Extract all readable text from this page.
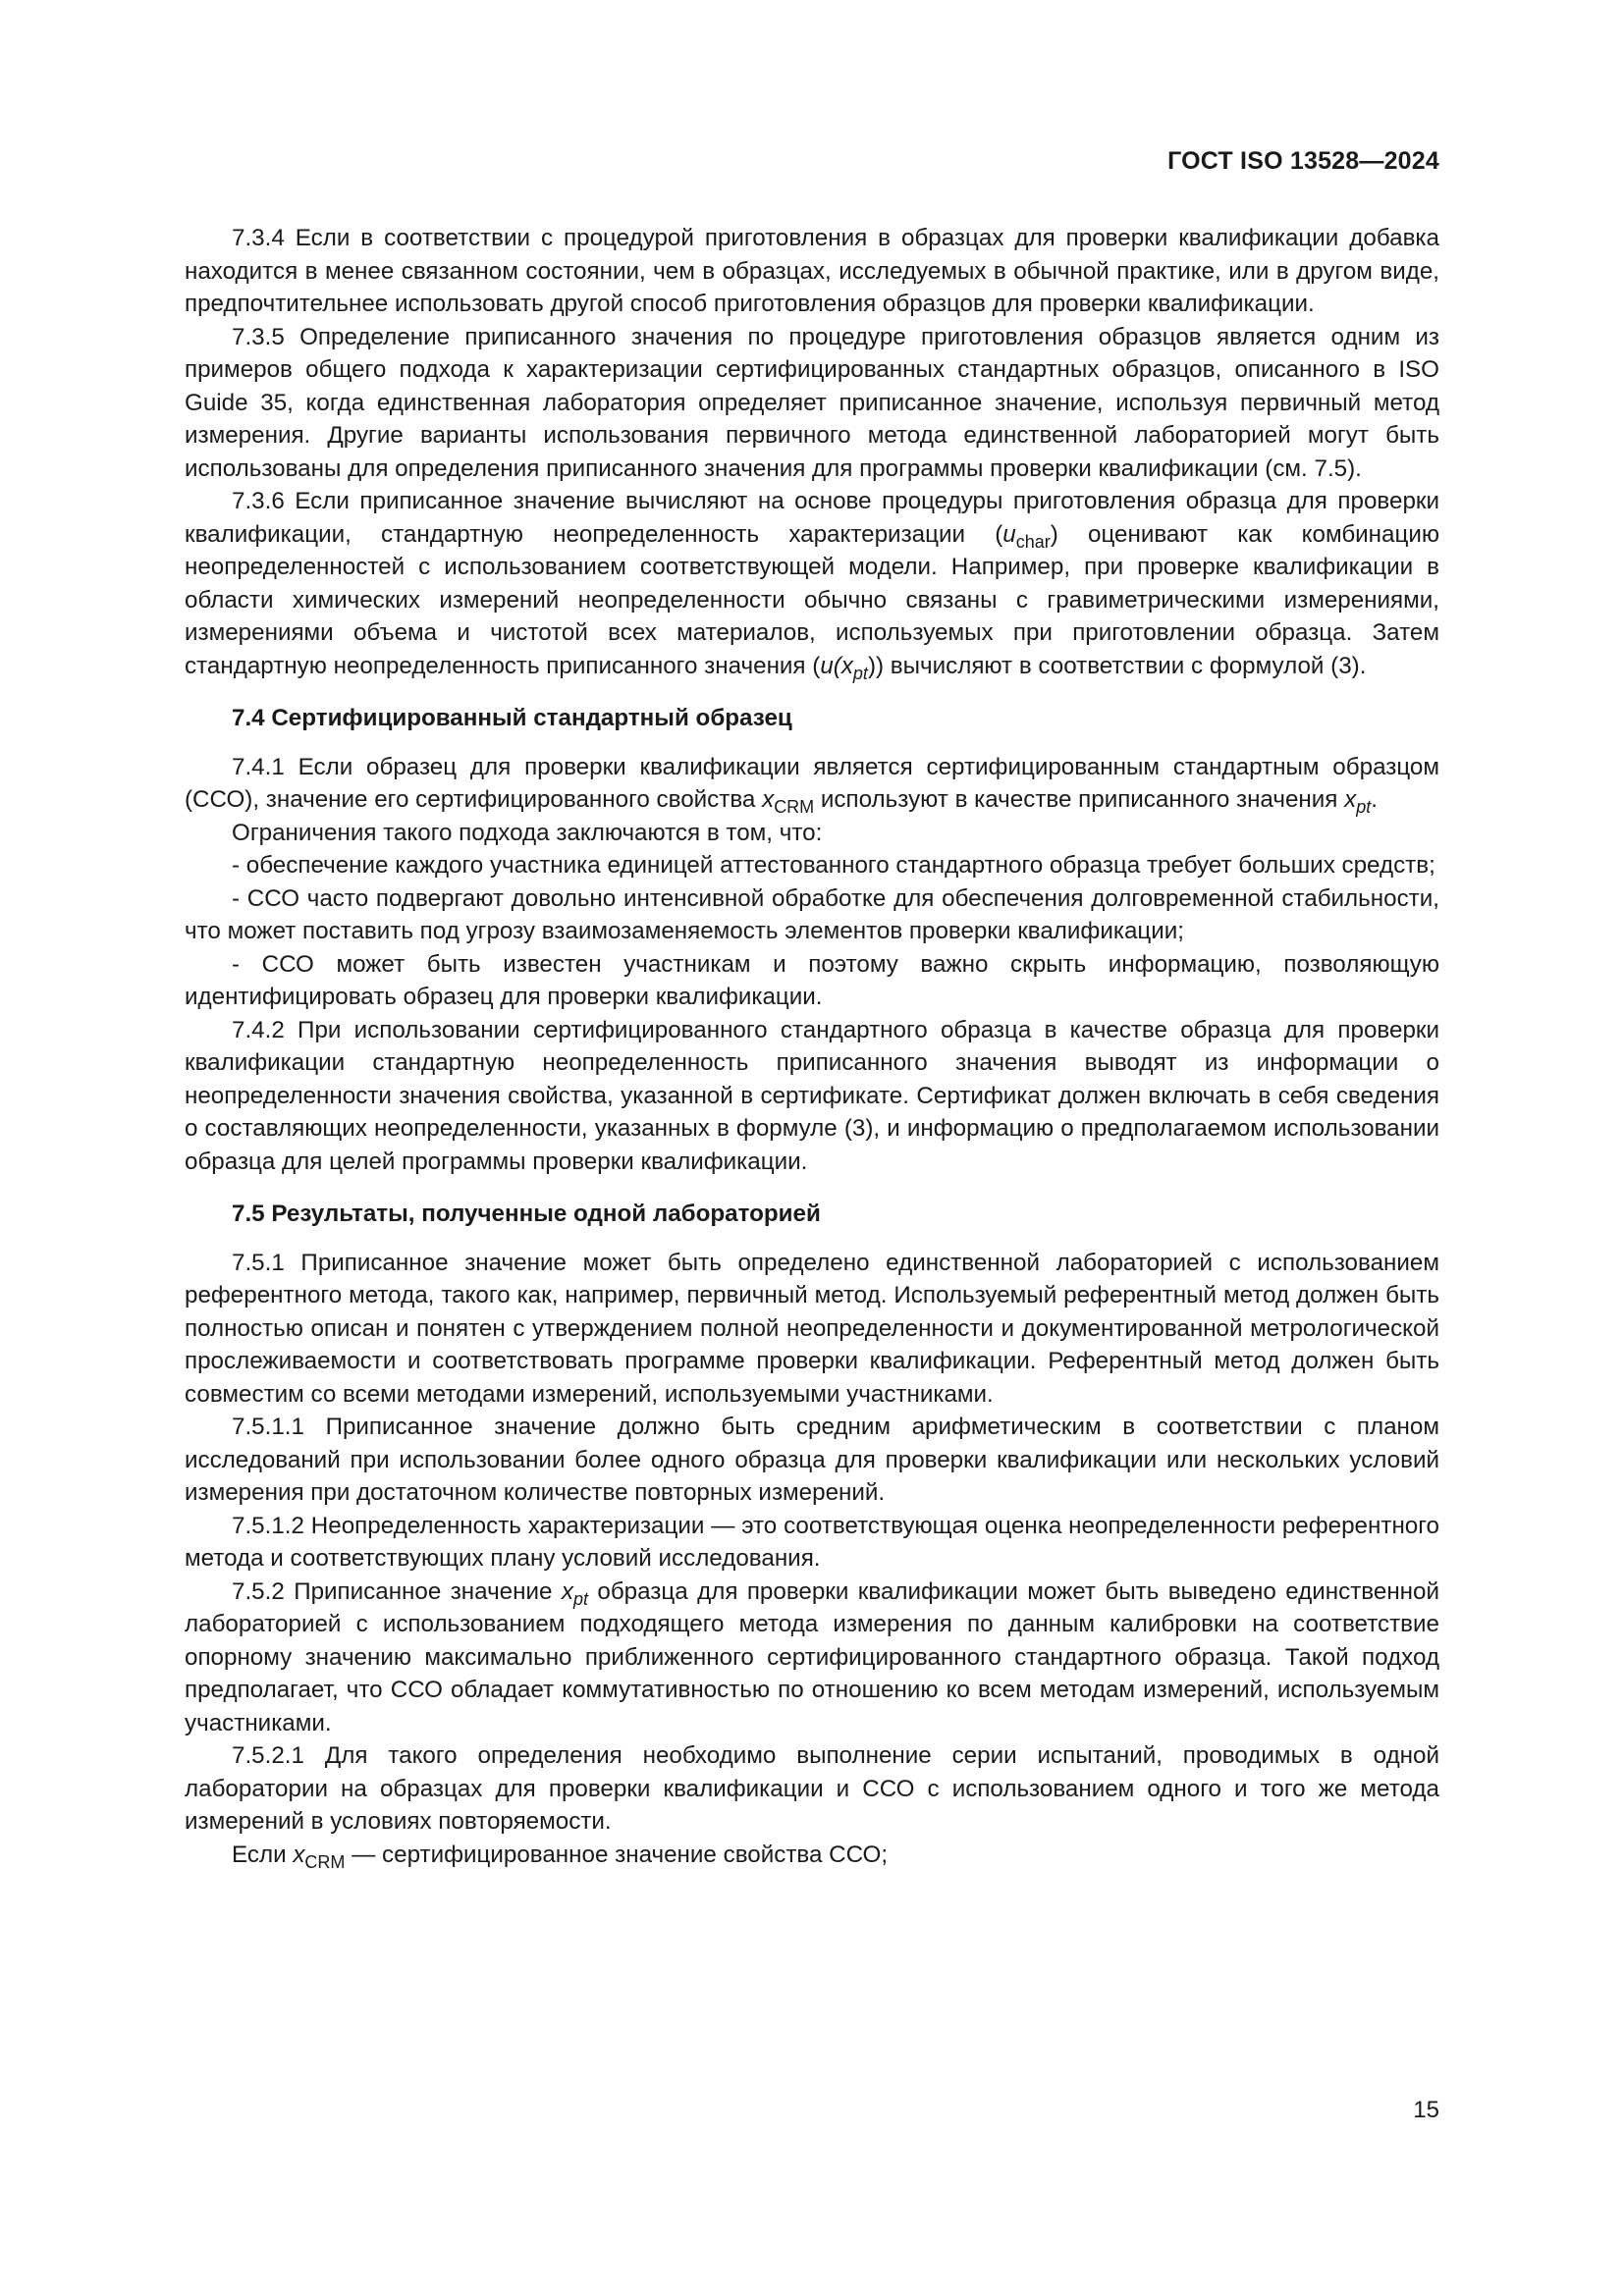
ГОСТ ISO 13528—2024

7.3.4 Если в соответствии с процедурой приготовления в образцах для проверки квалификации добавка находится в менее связанном состоянии, чем в образцах, исследуемых в обычной практике, или в другом виде, предпочтительнее использовать другой способ приготовления образцов для проверки квалификации.

7.3.5 Определение приписанного значения по процедуре приготовления образцов является одним из примеров общего подхода к характеризации сертифицированных стандартных образцов, описанного в ISO Guide 35, когда единственная лаборатория определяет приписанное значение, используя первичный метод измерения. Другие варианты использования первичного метода единственной лабораторией могут быть использованы для определения приписанного значения для программы проверки квалификации (см. 7.5).

7.3.6 Если приписанное значение вычисляют на основе процедуры приготовления образца для проверки квалификации, стандартную неопределенность характеризации $(u_{char})$ оценивают как комбинацию неопределенностей с использованием соответствующей модели. Например, при проверке квалификации в области химических измерений неопределенности обычно связаны с гравиметрическими измерениями, измерениями объема и чистотой всех материалов, используемых при приготовлении образца. Затем стандартную неопределенность приписанного значения $(u(x_{pt}))$ вычисляют в соответствии с формулой (3).

7.4 Сертифицированный стандартный образец

7.4.1 Если образец для проверки квалификации является сертифицированным стандартным образцом (ССО), значение его сертифицированного свойства $x_{CRM}$ используют в качестве приписанного значения $x_{pt}$.

Ограничения такого подхода заключаются в том, что:

- обеспечение каждого участника единицей аттестованного стандартного образца требует больших средств;

- ССО часто подвергают довольно интенсивной обработке для обеспечения долговременной стабильности, что может поставить под угрозу взаимозаменяемость элементов проверки квалификации;

- ССО может быть известен участникам и поэтому важно скрыть информацию, позволяющую идентифицировать образец для проверки квалификации.

7.4.2 При использовании сертифицированного стандартного образца в качестве образца для проверки квалификации стандартную неопределенность приписанного значения выводят из информации о неопределенности значения свойства, указанной в сертификате. Сертификат должен включать в себя сведения о составляющих неопределенности, указанных в формуле (3), и информацию о предполагаемом использовании образца для целей программы проверки квалификации.

7.5 Результаты, полученные одной лабораторией

7.5.1 Приписанное значение может быть определено единственной лабораторией с использованием референтного метода, такого как, например, первичный метод. Используемый референтный метод должен быть полностью описан и понятен с утверждением полной неопределенности и документированной метрологической прослеживаемости и соответствовать программе проверки квалификации. Референтный метод должен быть совместим со всеми методами измерений, используемыми участниками.

7.5.1.1 Приписанное значение должно быть средним арифметическим в соответствии с планом исследований при использовании более одного образца для проверки квалификации или нескольких условий измерения при достаточном количестве повторных измерений.

7.5.1.2 Неопределенность характеризации — это соответствующая оценка неопределенности референтного метода и соответствующих плану условий исследования.

7.5.2 Приписанное значение $x_{pt}$ образца для проверки квалификации может быть выведено единственной лабораторией с использованием подходящего метода измерения по данным калибровки на соответствие опорному значению максимально приближенного сертифицированного стандартного образца. Такой подход предполагает, что ССО обладает коммутативностью по отношению ко всем методам измерений, используемым участниками.

7.5.2.1 Для такого определения необходимо выполнение серии испытаний, проводимых в одной лаборатории на образцах для проверки квалификации и ССО с использованием одного и того же метода измерений в условиях повторяемости.

Если $x_{CRM}$ — сертифицированное значение свойства ССО;

15
